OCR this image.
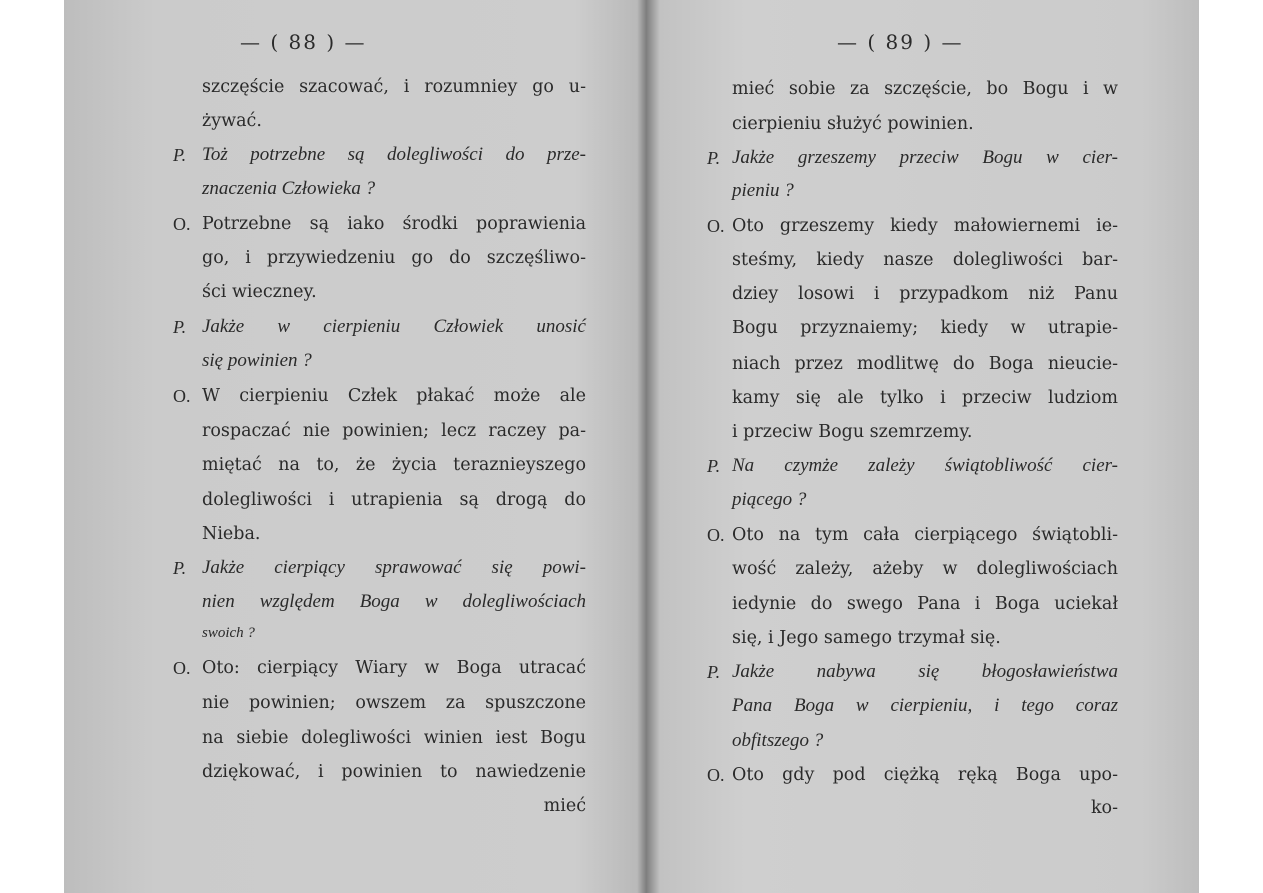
— ( 88 ) —
szczęście szacować, i rozumniey go u-
żywać.
P. Toż potrzebne są dolegliwości do prze-
znaczenia Człowieka ?
O. Potrzebne są iako środki poprawienia
go, i przywiedzeniu go do szczęśliwo-
ści wieczney.
P. Jakże w cierpieniu Człowiek unosić
się powinien ?
O. W cierpieniu Człek płakać może ale
rospaczać nie powinien; lecz raczey pa-
miętać na to, że życia teraznieyszego
dolegliwości i utrapienia są drogą do
Nieba.
P. Jakże cierpiący sprawować się powi-
nien względem Boga w dolegliwościach
swoich ?
O. Oto: cierpiący Wiary w Boga utracać
nie powinien; owszem za spuszczone
na siebie dolegliwości winien iest Bogu
dziękować, i powinien to nawiedzenie
mieć
— ( 89 ) —
mieć sobie za szczęście, bo Bogu i w
cierpieniu służyć powinien.
P. Jakże grzeszemy przeciw Bogu w cier-
pieniu ?
O. Oto grzeszemy kiedy małowiernemi ie-
steśmy, kiedy nasze dolegliwości bar-
dziey losowi i przypadkom niż Panu
Bogu przyznaiemy; kiedy w utrapie-
niach przez modlitwę do Boga nieucie-
kamy się ale tylko i przeciw ludziom
i przeciw Bogu szemrzemy.
P. Na czymże zależy świątobliwość cier-
piącego ?
O. Oto na tym cała cierpiącego świątobli-
wość zależy, ażeby w dolegliwościach
iedynie do swego Pana i Boga uciekał
się, i Jego samego trzymał się.
P. Jakże nabywa się błogosławieństwa
Pana Boga w cierpieniu, i tego coraz
obfitszego ?
O. Oto gdy pod ciężką ręką Boga upo-
ko-
